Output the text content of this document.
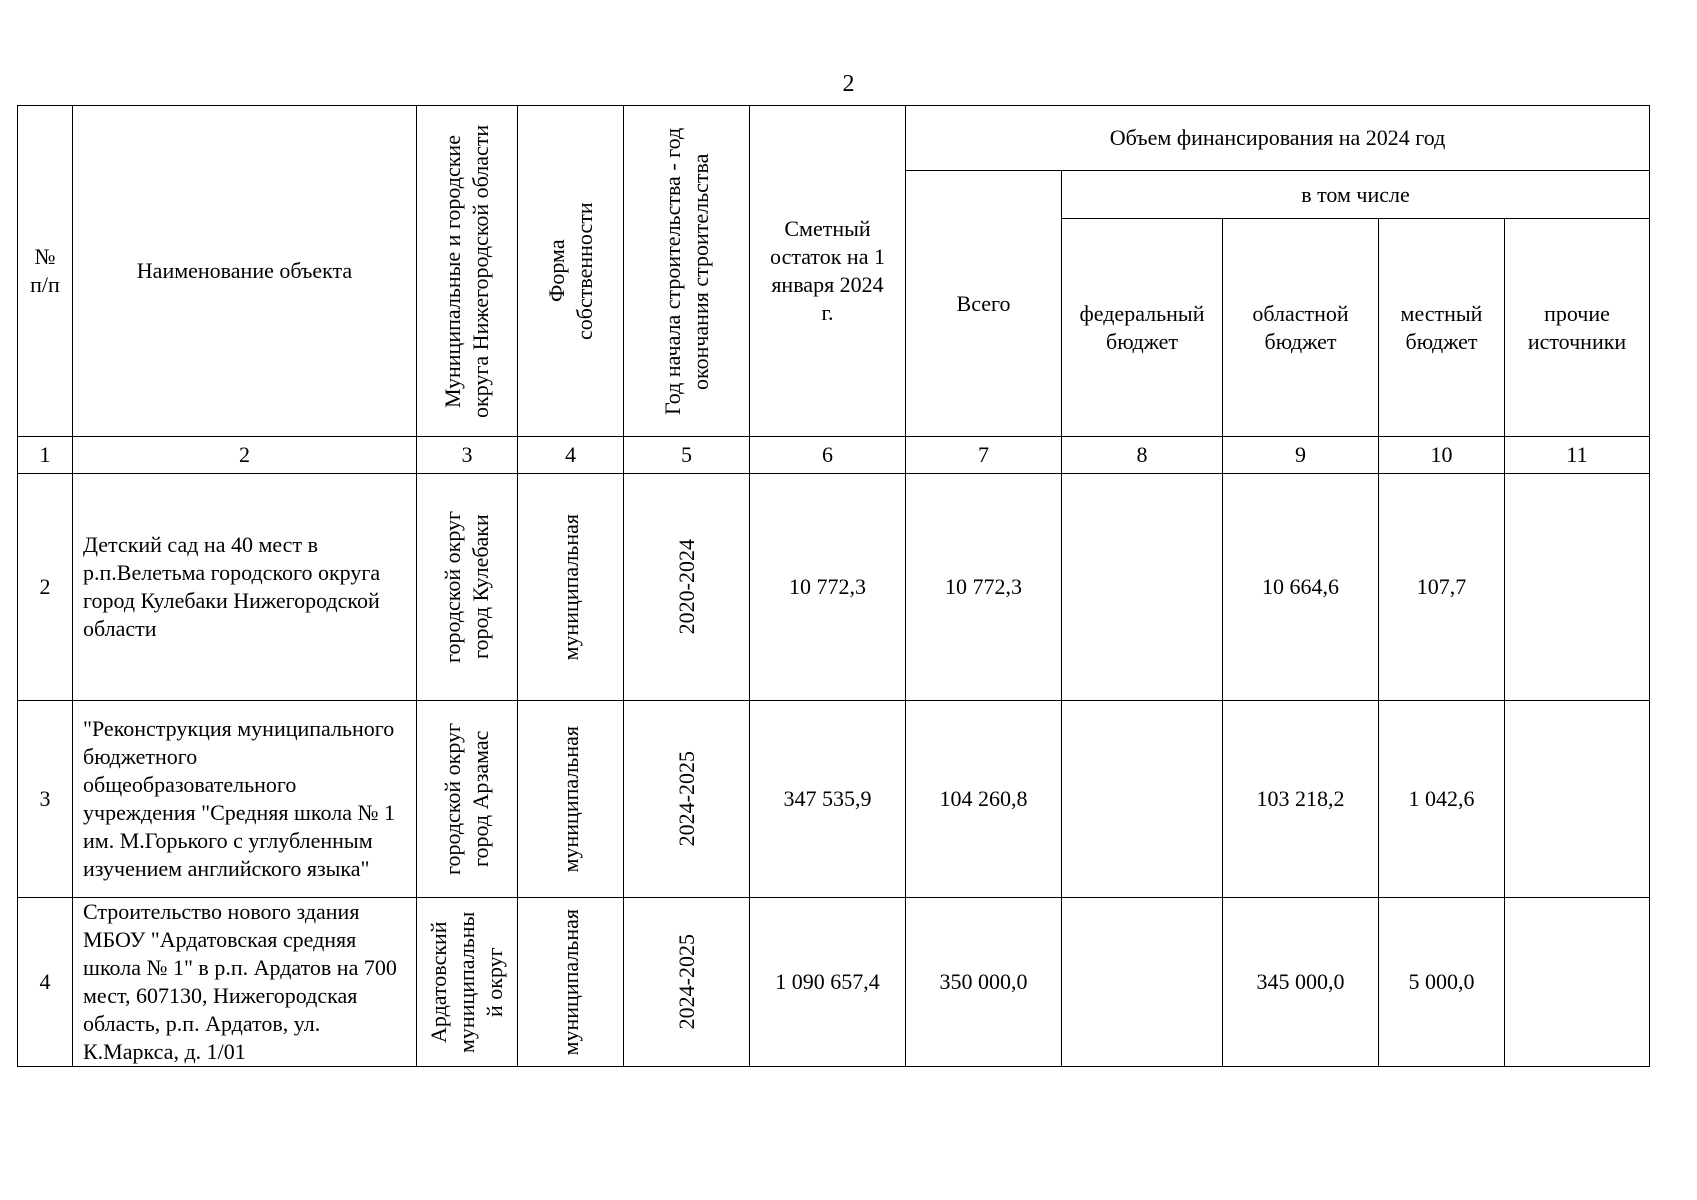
2
№ п/п	Наименование объекта	Муниципальные и городские округа Нижегородской области	Форма собственности	Год начала строительства - год окончания строительства	Сметный остаток на 1 января 2024 г.	Объем финансирования на 2024 год				
						Всего	в том числе			
							федеральный бюджет	областной бюджет	местный бюджет	прочие источники
1	2	3	4	5	6	7	8	9	10	11
2	Детский сад на 40 мест в р.п.Велетьма городского округа город Кулебаки Нижегородской области	городской округ город Кулебаки	муниципальная	2020-2024	10 772,3	10 772,3		10 664,6	107,7	
3	"Реконструкция муниципального бюджетного общеобразовательного учреждения "Средняя школа № 1 им. М.Горького с углубленным изучением английского языка"	городской округ город Арзамас	муниципальная	2024-2025	347 535,9	104 260,8		103 218,2	1 042,6	
4	Строительство нового здания МБОУ "Ардатовская средняя школа № 1" в р.п. Ардатов на 700 мест, 607130, Нижегородская область, р.п. Ардатов, ул. К.Маркса, д. 1/01	Ардатовский муниципальны й округ	муниципальная	2024-2025	1 090 657,4	350 000,0		345 000,0	5 000,0	
